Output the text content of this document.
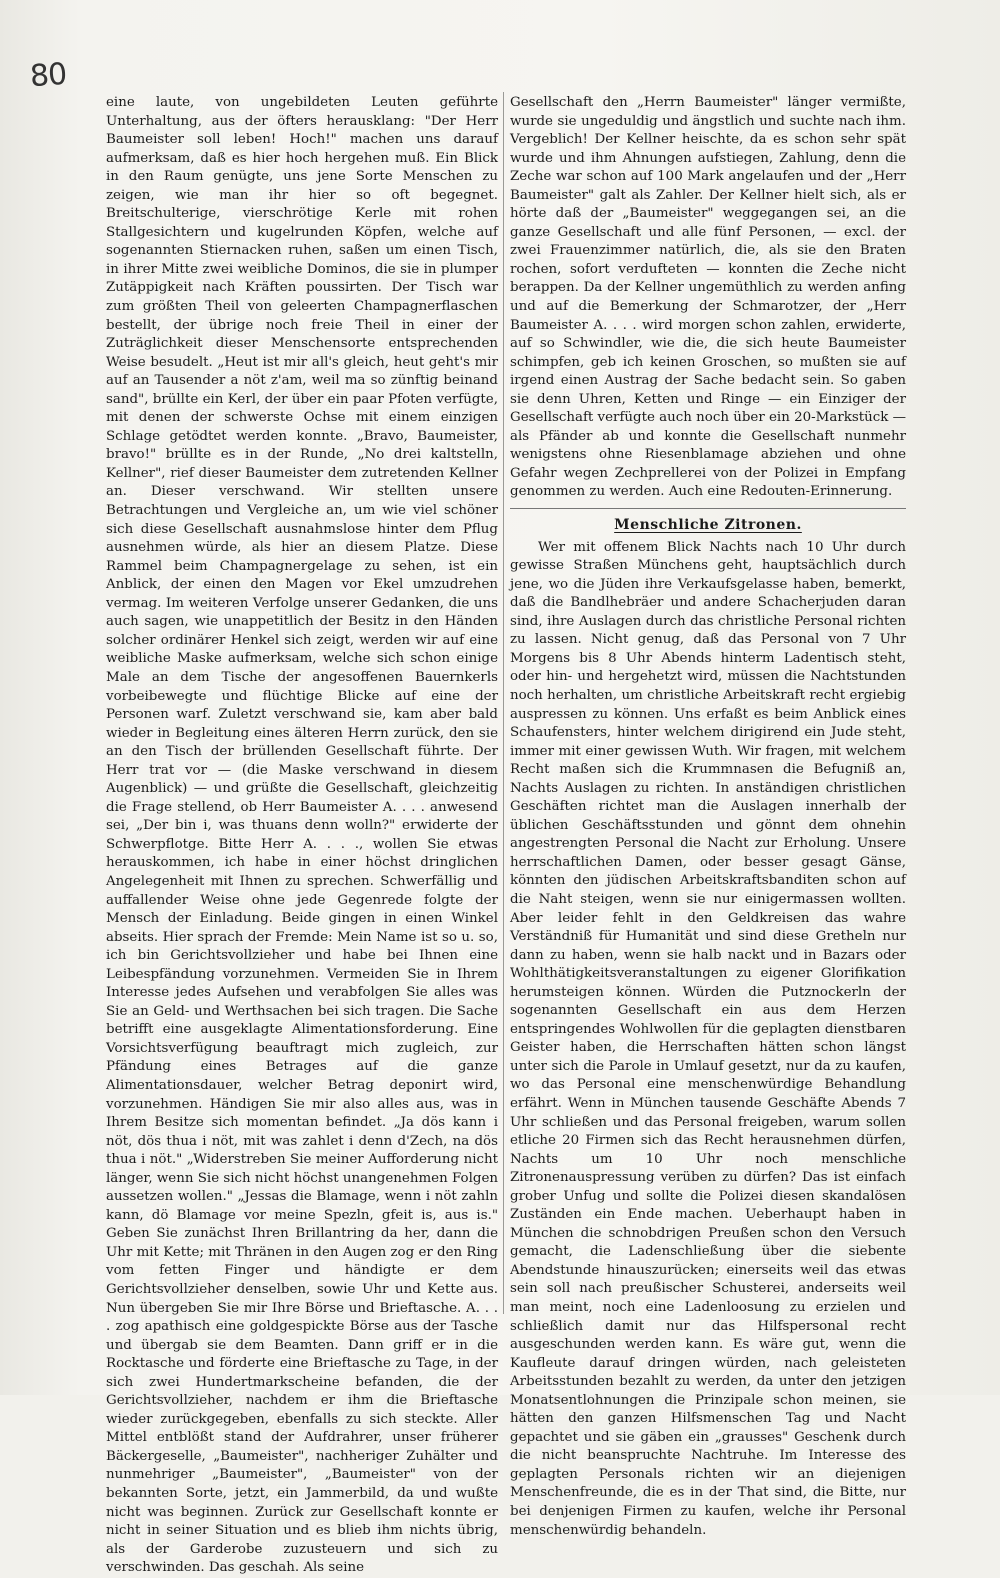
80

eine laute, von ungebildeten Leuten geführte Unterhaltung, aus der öfters herausklang: "Der Herr Baumeister soll leben! Hoch!" machen uns darauf aufmerksam, daß es hier hoch hergehen muß. Ein Blick in den Raum genügte, uns jene Sorte Menschen zu zeigen, wie man ihr hier so oft begegnet. Breitschulterige, vierschrötige Kerle mit rohen Stallgesichtern und kugelrunden Köpfen, welche auf sogenannten Stiernacken ruhen, saßen um einen Tisch, in ihrer Mitte zwei weibliche Dominos, die sie in plumper Zutäppigkeit nach Kräften poussirten. Der Tisch war zum größten Theil von geleerten Champagnerflaschen bestellt, der übrige noch freie Theil in einer der Zuträglichkeit dieser Menschensorte entsprechenden Weise besudelt. „Heut ist mir all's gleich, heut geht's mir auf an Tausender a nöt z'am, weil ma so zünftig beinand sand", brüllte ein Kerl, der über ein paar Pfoten verfügte, mit denen der schwerste Ochse mit einem einzigen Schlage getödtet werden konnte. „Bravo, Baumeister, bravo!" brüllte es in der Runde, „No drei kaltstelln, Kellner", rief dieser Baumeister dem zutretenden Kellner an. Dieser verschwand. Wir stellten unsere Betrachtungen und Vergleiche an, um wie viel schöner sich diese Gesellschaft ausnahmslose hinter dem Pflug ausnehmen würde, als hier an diesem Platze. Diese Rammel beim Champagnergelage zu sehen, ist ein Anblick, der einen den Magen vor Ekel umzudrehen vermag. Im weiteren Verfolge unserer Gedanken, die uns auch sagen, wie unappetitlich der Besitz in den Händen solcher ordinärer Henkel sich zeigt, werden wir auf eine weibliche Maske aufmerksam, welche sich schon einige Male an dem Tische der angesoffenen Bauernkerls vorbeibewegte und flüchtige Blicke auf eine der Personen warf. Zuletzt verschwand sie, kam aber bald wieder in Begleitung eines älteren Herrn zurück, den sie an den Tisch der brüllenden Gesellschaft führte. Der Herr trat vor — (die Maske verschwand in diesem Augenblick) — und grüßte die Gesellschaft, gleichzeitig die Frage stellend, ob Herr Baumeister A. . . . anwesend sei, „Der bin i, was thuans denn wolln?" erwiderte der Schwerpflotge. Bitte Herr A. . . ., wollen Sie etwas herauskommen, ich habe in einer höchst dringlichen Angelegenheit mit Ihnen zu sprechen. Schwerfällig und auffallender Weise ohne jede Gegenrede folgte der Mensch der Einladung. Beide gingen in einen Winkel abseits. Hier sprach der Fremde: Mein Name ist so u. so, ich bin Gerichtsvollzieher und habe bei Ihnen eine Leibespfändung vorzunehmen. Vermeiden Sie in Ihrem Interesse jedes Aufsehen und verabfolgen Sie alles was Sie an Geld- und Werthsachen bei sich tragen. Die Sache betrifft eine ausgeklagte Alimentationsforderung. Eine Vorsichtsverfügung beauftragt mich zugleich, zur Pfändung eines Betrages auf die ganze Alimentationsdauer, welcher Betrag deponirt wird, vorzunehmen. Händigen Sie mir also alles aus, was in Ihrem Besitze sich momentan befindet. „Ja dös kann i nöt, dös thua i nöt, mit was zahlet i denn d'Zech, na dös thua i nöt." „Widerstreben Sie meiner Aufforderung nicht länger, wenn Sie sich nicht höchst unangenehmen Folgen aussetzen wollen." „Jessas die Blamage, wenn i nöt zahln kann, dö Blamage vor meine Spezln, gfeit is, aus is." Geben Sie zunächst Ihren Brillantring da her, dann die Uhr mit Kette; mit Thränen in den Augen zog er den Ring vom fetten Finger und händigte er dem Gerichtsvollzieher denselben, sowie Uhr und Kette aus. Nun übergeben Sie mir Ihre Börse und Brieftasche. A. . . . zog apathisch eine goldgespickte Börse aus der Tasche und übergab sie dem Beamten. Dann griff er in die Rocktasche und förderte eine Brieftasche zu Tage, in der sich zwei Hundertmarkscheine befanden, die der Gerichtsvollzieher, nachdem er ihm die Brieftasche wieder zurückgegeben, ebenfalls zu sich steckte. Aller Mittel entblößt stand der Aufdrahrer, unser früherer Bäckergeselle, „Baumeister", nachheriger Zuhälter und nunmehriger „Baumeister", „Baumeister" von der bekannten Sorte, jetzt, ein Jammerbild, da und wußte nicht was beginnen. Zurück zur Gesellschaft konnte er nicht in seiner Situation und es blieb ihm nichts übrig, als der Garderobe zuzusteuern und sich zu verschwinden. Das geschah. Als seine

Gesellschaft den „Herrn Baumeister" länger vermißte, wurde sie ungeduldig und ängstlich und suchte nach ihm. Vergeblich! Der Kellner heischte, da es schon sehr spät wurde und ihm Ahnungen aufstiegen, Zahlung, denn die Zeche war schon auf 100 Mark angelaufen und der „Herr Baumeister" galt als Zahler. Der Kellner hielt sich, als er hörte daß der „Baumeister" weggegangen sei, an die ganze Gesellschaft und alle fünf Personen, — excl. der zwei Frauenzimmer natürlich, die, als sie den Braten rochen, sofort verdufteten — konnten die Zeche nicht berappen. Da der Kellner ungemüthlich zu werden anfing und auf die Bemerkung der Schmarotzer, der „Herr Baumeister A. . . . wird morgen schon zahlen, erwiderte, auf so Schwindler, wie die, die sich heute Baumeister schimpfen, geb ich keinen Groschen, so mußten sie auf irgend einen Austrag der Sache bedacht sein. So gaben sie denn Uhren, Ketten und Ringe — ein Einziger der Gesellschaft verfügte auch noch über ein 20-Markstück — als Pfänder ab und konnte die Gesellschaft nunmehr wenigstens ohne Riesenblamage abziehen und ohne Gefahr wegen Zechprellerei von der Polizei in Empfang genommen zu werden. Auch eine Redouten-Erinnerung.

Menschliche Zitronen.

Wer mit offenem Blick Nachts nach 10 Uhr durch gewisse Straßen Münchens geht, hauptsächlich durch jene, wo die Jüden ihre Verkaufsgelasse haben, bemerkt, daß die Bandlhebräer und andere Schacherjuden daran sind, ihre Auslagen durch das christliche Personal richten zu lassen. Nicht genug, daß das Personal von 7 Uhr Morgens bis 8 Uhr Abends hinterm Ladentisch steht, oder hin- und hergehetzt wird, müssen die Nachtstunden noch herhalten, um christliche Arbeitskraft recht ergiebig auspressen zu können. Uns erfaßt es beim Anblick eines Schaufensters, hinter welchem dirigirend ein Jude steht, immer mit einer gewissen Wuth. Wir fragen, mit welchem Recht maßen sich die Krummnasen die Befugniß an, Nachts Auslagen zu richten. In anständigen christlichen Geschäften richtet man die Auslagen innerhalb der üblichen Geschäftsstunden und gönnt dem ohnehin angestrengten Personal die Nacht zur Erholung. Unsere herrschaftlichen Damen, oder besser gesagt Gänse, könnten den jüdischen Arbeitskraftsbanditen schon auf die Naht steigen, wenn sie nur einigermassen wollten. Aber leider fehlt in den Geldkreisen das wahre Verständniß für Humanität und sind diese Gretheln nur dann zu haben, wenn sie halb nackt und in Bazars oder Wohlthätigkeitsveranstaltungen zu eigener Glorifikation herumsteigen können. Würden die Putznockerln der sogenannten Gesellschaft ein aus dem Herzen entspringendes Wohlwollen für die geplagten dienstbaren Geister haben, die Herrschaften hätten schon längst unter sich die Parole in Umlauf gesetzt, nur da zu kaufen, wo das Personal eine menschenwürdige Behandlung erfährt. Wenn in München tausende Geschäfte Abends 7 Uhr schließen und das Personal freigeben, warum sollen etliche 20 Firmen sich das Recht herausnehmen dürfen, Nachts um 10 Uhr noch menschliche Zitronenauspressung verüben zu dürfen? Das ist einfach grober Unfug und sollte die Polizei diesen skandalösen Zuständen ein Ende machen. Ueberhaupt haben in München die schnobdrigen Preußen schon den Versuch gemacht, die Ladenschließung über die siebente Abendstunde hinauszurücken; einerseits weil das etwas sein soll nach preußischer Schusterei, anderseits weil man meint, noch eine Ladenloosung zu erzielen und schließlich damit nur das Hilfspersonal recht ausgeschunden werden kann. Es wäre gut, wenn die Kaufleute darauf dringen würden, nach geleisteten Arbeitsstunden bezahlt zu werden, da unter den jetzigen Monatsentlohnungen die Prinzipale schon meinen, sie hätten den ganzen Hilfsmenschen Tag und Nacht gepachtet und sie gäben ein „grausses" Geschenk durch die nicht beanspruchte Nachtruhe. Im Interesse des geplagten Personals richten wir an diejenigen Menschenfreunde, die es in der That sind, die Bitte, nur bei denjenigen Firmen zu kaufen, welche ihr Personal menschenwürdig behandeln.
